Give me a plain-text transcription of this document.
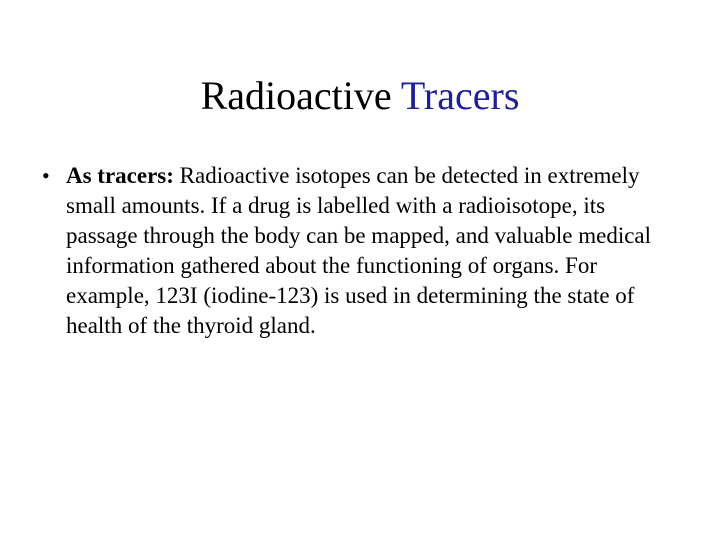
Radioactive Tracers
• As tracers: Radioactive isotopes can be detected in extremely small amounts. If a drug is labelled with a radioisotope, its passage through the body can be mapped, and valuable medical information gathered about the functioning of organs. For example, 123I (iodine-123) is used in determining the state of health of the thyroid gland.
